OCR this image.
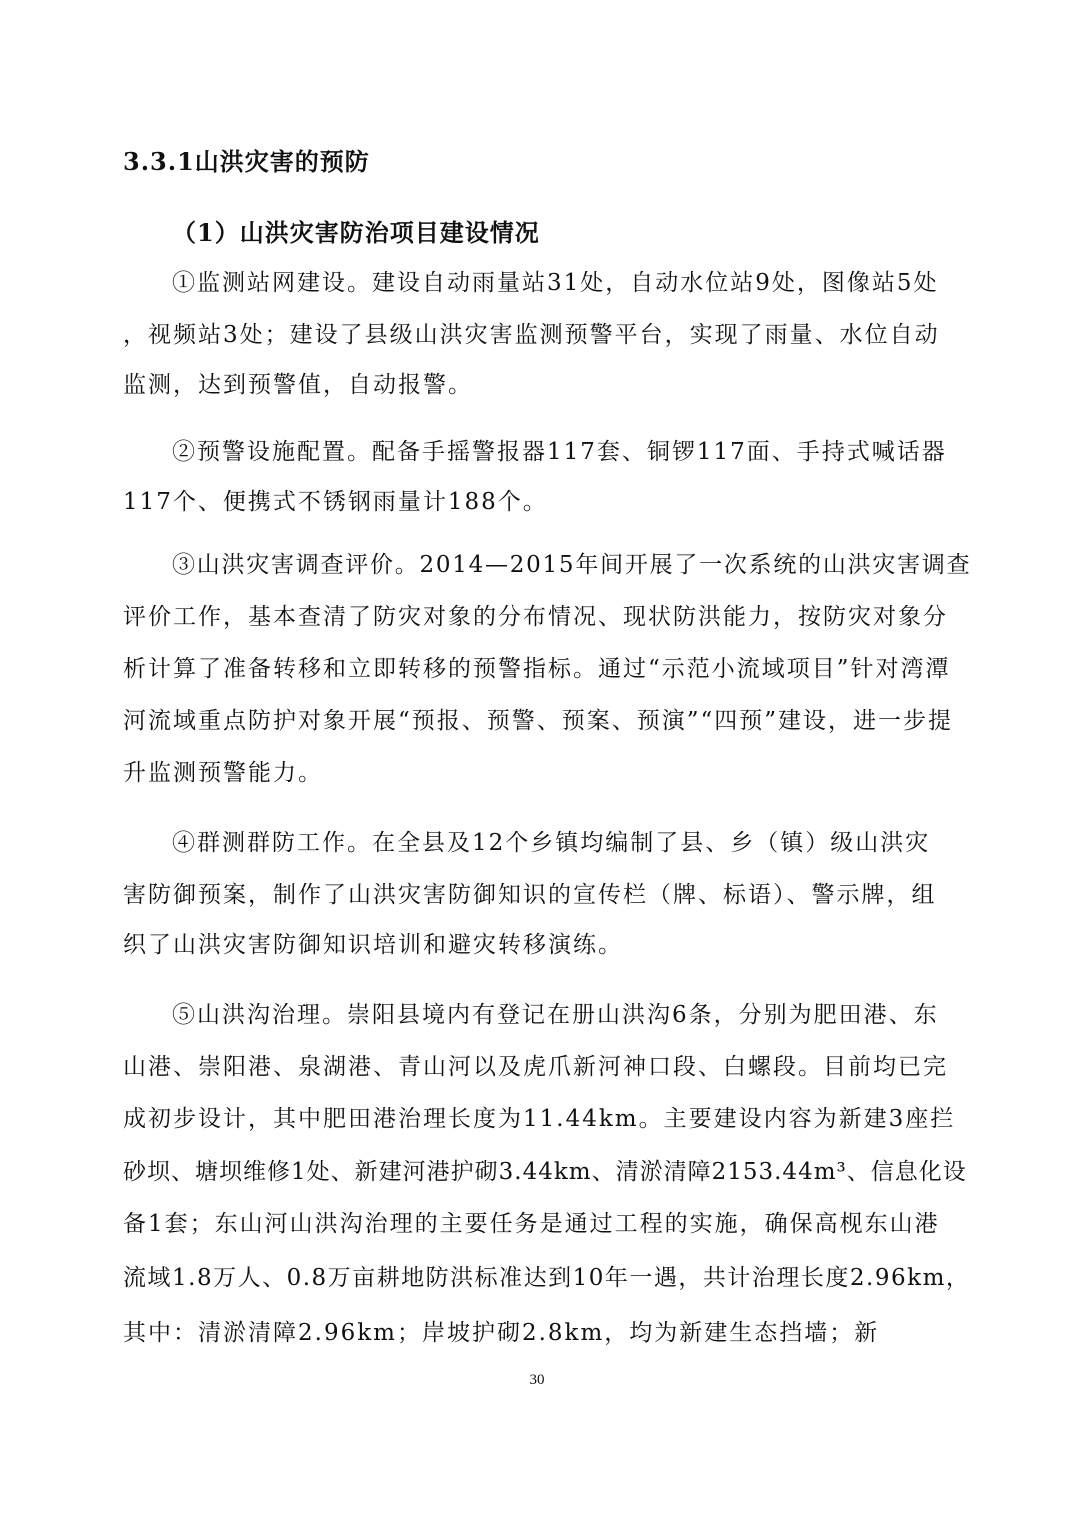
3.3.1山洪灾害的预防
（1）山洪灾害防治项目建设情况
①监测站网建设。建设自动雨量站31处，自动水位站9处，图像站5处
，视频站3处；建设了县级山洪灾害监测预警平台，实现了雨量、水位自动
监测，达到预警值，自动报警。
②预警设施配置。配备手摇警报器117套、铜锣117面、手持式喊话器
117个、便携式不锈钢雨量计188个。
③山洪灾害调查评价。2014—2015年间开展了一次系统的山洪灾害调查
评价工作，基本查清了防灾对象的分布情况、现状防洪能力，按防灾对象分
析计算了准备转移和立即转移的预警指标。通过“示范小流域项目”针对湾潭
河流域重点防护对象开展“预报、预警、预案、预演”“四预”建设，进一步提
升监测预警能力。
④群测群防工作。在全县及12个乡镇均编制了县、乡（镇）级山洪灾
害防御预案，制作了山洪灾害防御知识的宣传栏（牌、标语）、警示牌，组
织了山洪灾害防御知识培训和避灾转移演练。
⑤山洪沟治理。崇阳县境内有登记在册山洪沟6条，分别为肥田港、东
山港、崇阳港、泉湖港、青山河以及虎爪新河神口段、白螺段。目前均已完
成初步设计，其中肥田港治理长度为11.44km。主要建设内容为新建3座拦
砂坝、塘坝维修1处、新建河港护砌3.44km、清淤清障2153.44m³、信息化设
备1套；东山河山洪沟治理的主要任务是通过工程的实施，确保高枧东山港
流域1.8万人、0.8万亩耕地防洪标准达到10年一遇，共计治理长度2.96km，
其中：清淤清障2.96km；岸坡护砌2.8km，均为新建生态挡墙；新
30
